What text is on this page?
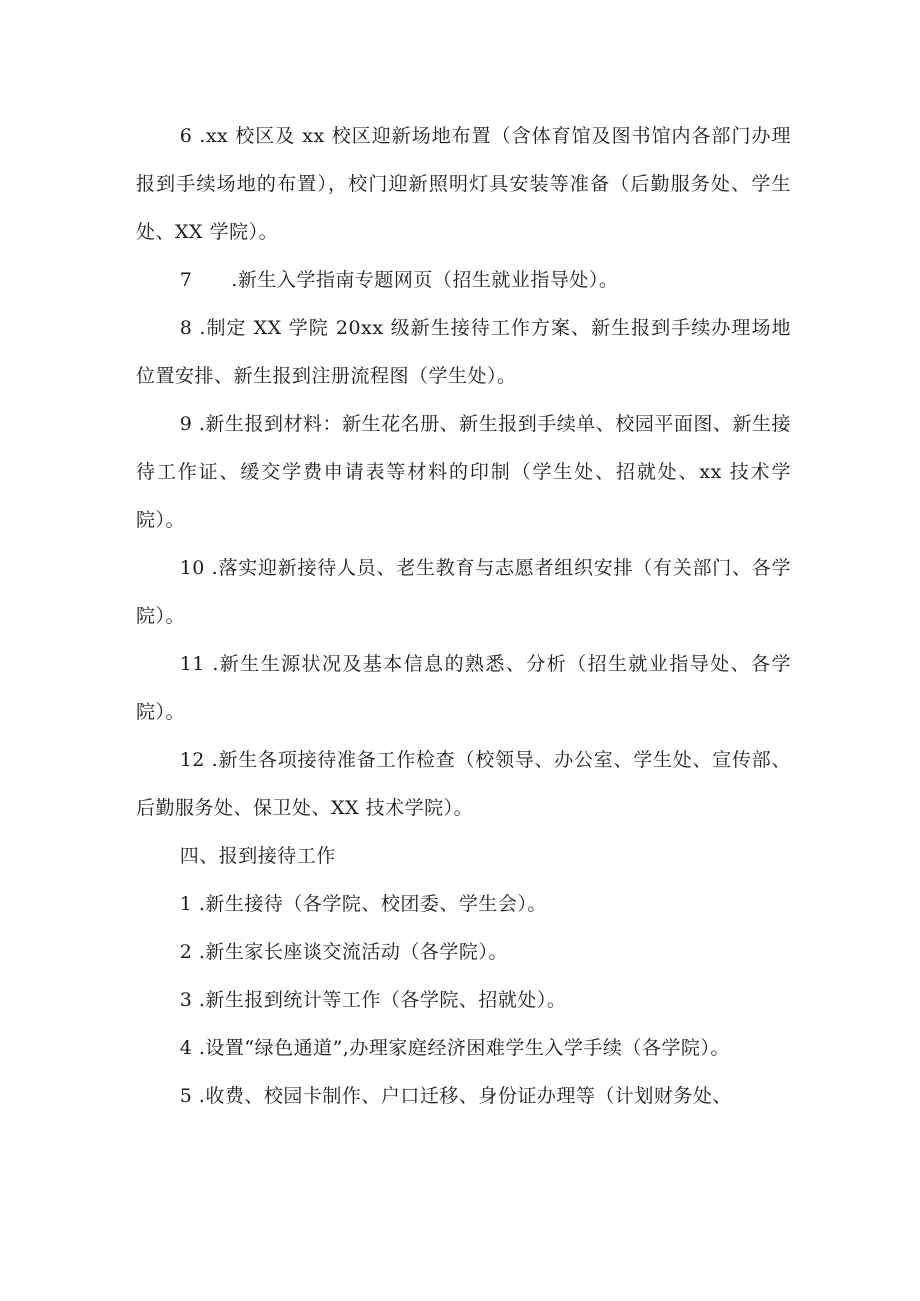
6 .xx 校区及 xx 校区迎新场地布置（含体育馆及图书馆内各部门办理报到手续场地的布置），校门迎新照明灯具安装等准备（后勤服务处、学生处、XX 学院）。

7　　.新生入学指南专题网页（招生就业指导处）。

8 .制定 XX 学院 20xx 级新生接待工作方案、新生报到手续办理场地位置安排、新生报到注册流程图（学生处）。

9 .新生报到材料：新生花名册、新生报到手续单、校园平面图、新生接待工作证、缓交学费申请表等材料的印制（学生处、招就处、xx 技术学院）。

10 .落实迎新接待人员、老生教育与志愿者组织安排（有关部门、各学院）。

11 .新生生源状况及基本信息的熟悉、分析（招生就业指导处、各学院）。

12 .新生各项接待准备工作检查（校领导、办公室、学生处、宣传部、后勤服务处、保卫处、XX 技术学院）。

四、报到接待工作

1 .新生接待（各学院、校团委、学生会）。

2 .新生家长座谈交流活动（各学院）。

3 .新生报到统计等工作（各学院、招就处）。

4 .设置“绿色通道”,办理家庭经济困难学生入学手续（各学院）。

5 .收费、校园卡制作、户口迁移、身份证办理等（计划财务处、
